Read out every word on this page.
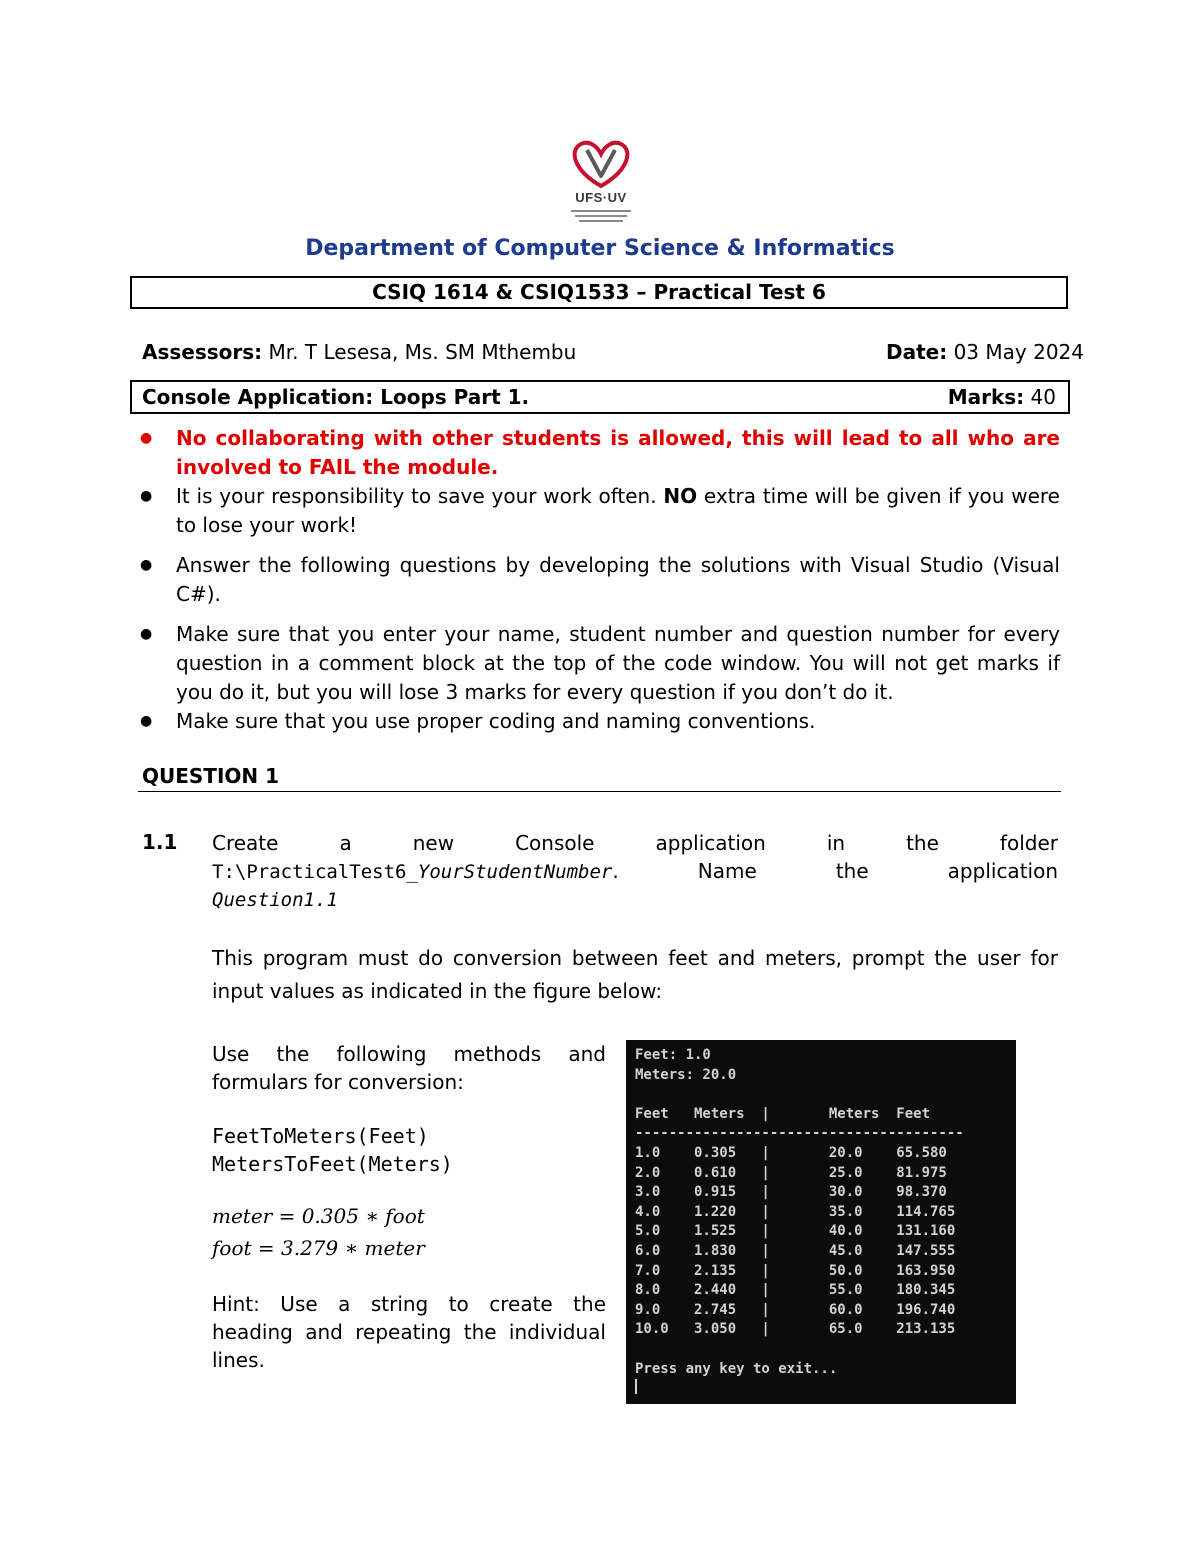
UFS·UV
Department of Computer Science & Informatics
CSIQ 1614 & CSIQ1533 – Practical Test 6
Assessors: Mr. T Lesesa, Ms. SM Mthembu	Date: 03 May 2024
Console Application: Loops Part 1.	Marks: 40
● No collaborating with other students is allowed, this will lead to all who are involved to FAIL the module.
● It is your responsibility to save your work often. NO extra time will be given if you were to lose your work!
● Answer the following questions by developing the solutions with Visual Studio (Visual C#).
● Make sure that you enter your name, student number and question number for every question in a comment block at the top of the code window. You will not get marks if you do it, but you will lose 3 marks for every question if you don’t do it.
● Make sure that you use proper coding and naming conventions.
QUESTION 1
1.1 Create a new Console application in the folder
T:\PracticalTest6_YourStudentNumber. Name the application
Question1.1
This program must do conversion between feet and meters, prompt the user for input values as indicated in the figure below:
Use the following methods and formulars for conversion:
FeetToMeters(Feet)
MetersToFeet(Meters)
meter = 0.305 ∗ foot
foot = 3.279 ∗ meter
Hint: Use a string to create the heading and repeating the individual lines.
Feet: 1.0
Meters: 20.0
Feet   Meters  |       Meters  Feet
---------------------------------------
1.0    0.305   |       20.0    65.580
2.0    0.610   |       25.0    81.975
3.0    0.915   |       30.0    98.370
4.0    1.220   |       35.0    114.765
5.0    1.525   |       40.0    131.160
6.0    1.830   |       45.0    147.555
7.0    2.135   |       50.0    163.950
8.0    2.440   |       55.0    180.345
9.0    2.745   |       60.0    196.740
10.0   3.050   |       65.0    213.135
Press any key to exit...
